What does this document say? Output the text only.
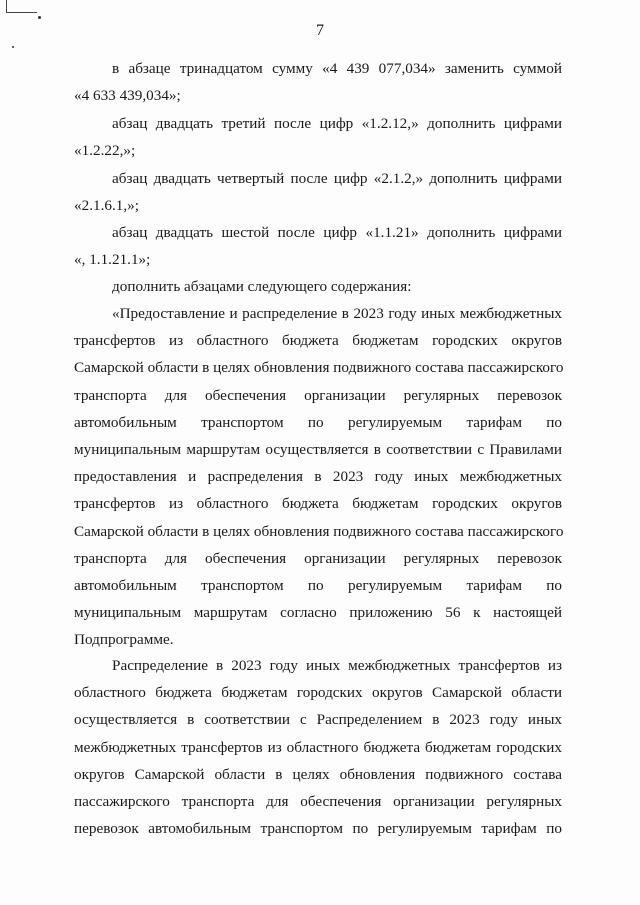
7
в абзаце тринадцатом сумму «4 439 077,034» заменить суммой
«4 633 439,034»;
абзац двадцать третий после цифр «1.2.12,» дополнить цифрами
«1.2.22,»;
абзац двадцать четвертый после цифр «2.1.2,» дополнить цифрами
«2.1.6.1,»;
абзац двадцать шестой после цифр «1.1.21» дополнить цифрами
«, 1.1.21.1»;
дополнить абзацами следующего содержания:
«Предоставление и распределение в 2023 году иных межбюджетных
трансфертов из областного бюджета бюджетам городских округов
Самарской области в целях обновления подвижного состава пассажирского
транспорта для обеспечения организации регулярных перевозок
автомобильным транспортом по регулируемым тарифам по
муниципальным маршрутам осуществляется в соответствии с Правилами
предоставления и распределения в 2023 году иных межбюджетных
трансфертов из областного бюджета бюджетам городских округов
Самарской области в целях обновления подвижного состава пассажирского
транспорта для обеспечения организации регулярных перевозок
автомобильным транспортом по регулируемым тарифам по
муниципальным маршрутам согласно приложению 56 к настоящей
Подпрограмме.
Распределение в 2023 году иных межбюджетных трансфертов из
областного бюджета бюджетам городских округов Самарской области
осуществляется в соответствии с Распределением в 2023 году иных
межбюджетных трансфертов из областного бюджета бюджетам городских
округов Самарской области в целях обновления подвижного состава
пассажирского транспорта для обеспечения организации регулярных
перевозок автомобильным транспортом по регулируемым тарифам по
